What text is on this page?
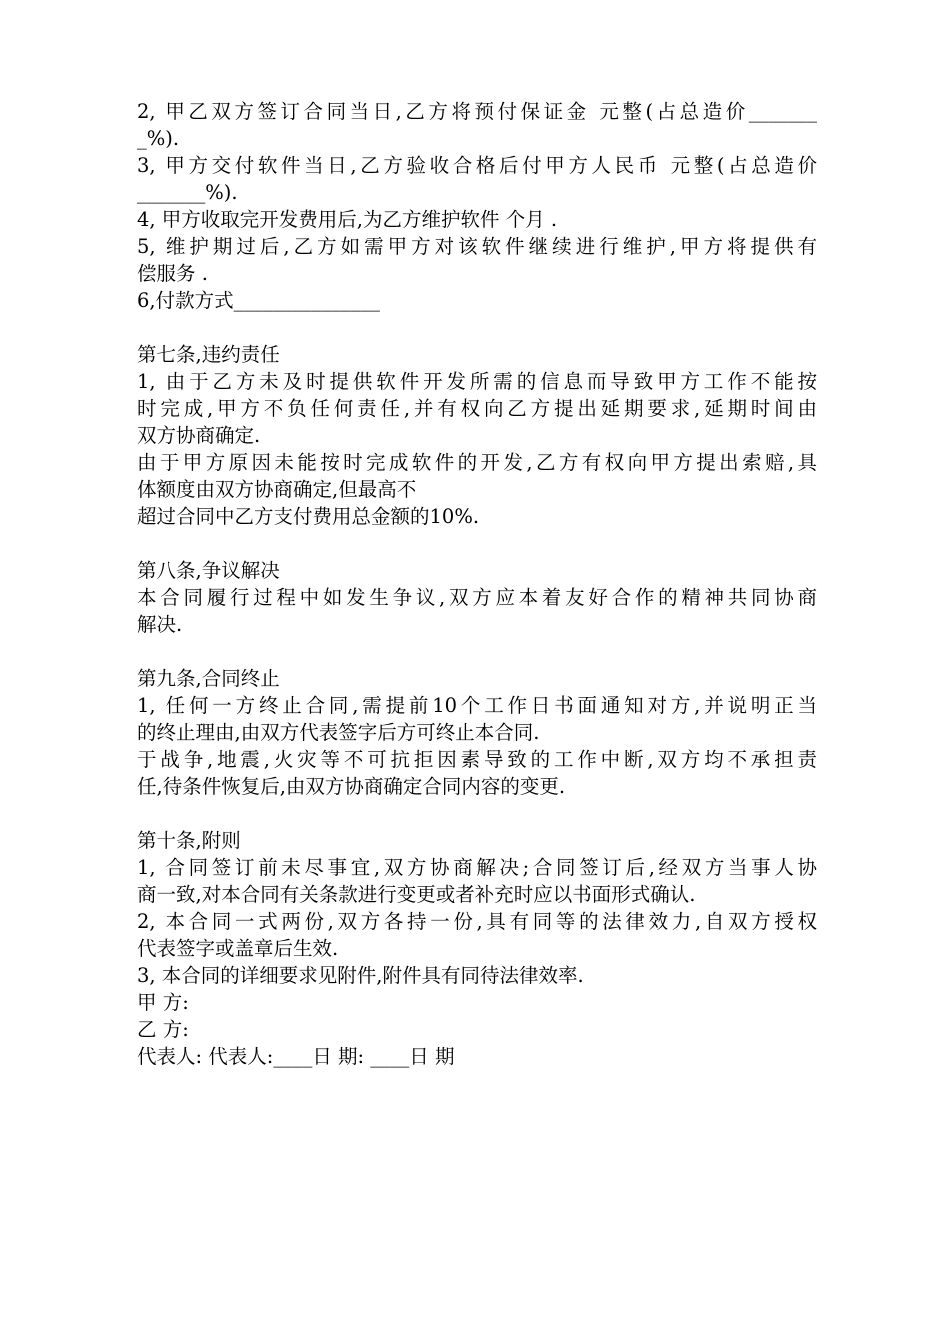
2, 甲乙双方签订合同当日,乙方将预付保证金 元整(占总造价_______
_%).
3, 甲方交付软件当日,乙方验收合格后付甲方人民币 元整(占总造价
_______%).
4, 甲方收取完开发费用后,为乙方维护软件 个月 .
5, 维护期过后,乙方如需甲方对该软件继续进行维护,甲方将提供有
偿服务 .
6,付款方式_______________
第七条,违约责任
1, 由于乙方未及时提供软件开发所需的信息而导致甲方工作不能按
时完成,甲方不负任何责任,并有权向乙方提出延期要求,延期时间由
双方协商确定.
由于甲方原因未能按时完成软件的开发,乙方有权向甲方提出索赔,具
体额度由双方协商确定,但最高不
超过合同中乙方支付费用总金额的10%.
第八条,争议解决
本合同履行过程中如发生争议,双方应本着友好合作的精神共同协商
解决.
第九条,合同终止
1, 任何一方终止合同,需提前10个工作日书面通知对方,并说明正当
的终止理由,由双方代表签字后方可终止本合同.
于战争,地震,火灾等不可抗拒因素导致的工作中断,双方均不承担责
任,待条件恢复后,由双方协商确定合同内容的变更.
第十条,附则
1, 合同签订前未尽事宜,双方协商解决;合同签订后,经双方当事人协
商一致,对本合同有关条款进行变更或者补充时应以书面形式确认.
2, 本合同一式两份,双方各持一份,具有同等的法律效力,自双方授权
代表签字或盖章后生效.
3, 本合同的详细要求见附件,附件具有同待法律效率.
甲 方:
乙 方:
代表人: 代表人:____日 期: ____日 期
